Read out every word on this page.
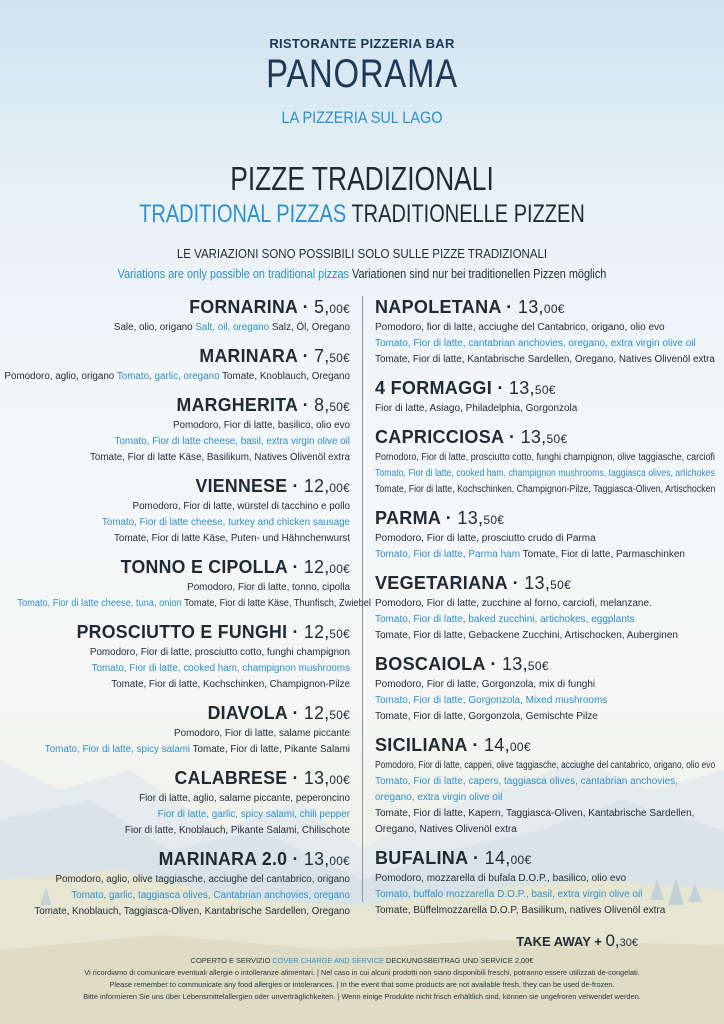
RISTORANTE PIZZERIA BAR
PANORAMA
LA PIZZERIA SUL LAGO
PIZZE TRADIZIONALI
TRADITIONAL PIZZAS TRADITIONELLE PIZZEN
LE VARIAZIONI SONO POSSIBILI SOLO SULLE PIZZE TRADIZIONALI
Variations are only possible on traditional pizzas Variationen sind nur bei traditionellen Pizzen möglich
FORNARINA · 5,00€
Sale, olio, origano Salt, oil, oregano Salz, Öl, Oregano
MARINARA · 7,50€
Pomodoro, aglio, origano Tomato, garlic, oregano Tomate, Knoblauch, Oregano
MARGHERITA · 8,50€
Pomodoro, Fior di latte, basilico, olio evo
Tomato, Fior di latte cheese, basil, extra virgin olive oil
Tomate, Fior di latte Käse, Basilikum, Natives Olivenöl extra
VIENNESE · 12,00€
Pomodoro, Fior di latte, würstel di tacchino e pollo
Tomato, Fior di latte cheese, turkey and chicken sausage
Tomate, Fior di latte Käse, Puten- und Hähnchenwurst
TONNO E CIPOLLA · 12,00€
Pomodoro, Fior di latte, tonno, cipolla
Tomato, Fior di latte cheese, tuna, onion Tomate, Fior di latte Käse, Thunfisch, Zwiebel
PROSCIUTTO E FUNGHI · 12,50€
Pomodoro, Fior di latte, prosciutto cotto, funghi champignon
Tomato, Fior di latte, cooked ham, champignon mushrooms
Tomate, Fior di latte, Kochschinken, Champignon-Pilze
DIAVOLA · 12,50€
Pomodoro, Fior di latte, salame piccante
Tomato, Fior di latte, spicy salami Tomate, Fior di latte, Pikante Salami
CALABRESE · 13,00€
Fior di latte, aglio, salame piccante, peperoncino
Fior di latte, garlic, spicy salami, chili pepper
Fior di latte, Knoblauch, Pikante Salami, Chilischote
MARINARA 2.0 · 13,00€
Pomodoro, aglio, olive taggiasche, acciughe del cantabrico, origano
Tomato, garlic, taggiasca olives, Cantabrian anchovies, oregano
Tomate, Knoblauch, Taggiasca-Oliven, Kantabrische Sardellen, Oregano
NAPOLETANA · 13,00€
Pomodoro, fior di latte, acciughe del Cantabrico, origano, olio evo
Tomato, Fior di latte, cantabrian anchovies, oregano, extra virgin olive oil
Tomate, Fior di latte, Kantabrische Sardellen, Oregano, Natives Olivenöl extra
4 FORMAGGI · 13,50€
Fior di latte, Asiago, Philadelphia, Gorgonzola
CAPRICCIOSA · 13,50€
Pomodoro, Fior di latte, prosciutto cotto, funghi champignon, olive taggiasche, carciofi
Tomato, Fior di latte, cooked ham, champignon mushrooms, taggiasca olives, artichokes
Tomate, Fior di latte, Kochschinken, Champignon-Pilze, Taggiasca-Oliven, Artischocken
PARMA · 13,50€
Pomodoro, Fior di latte, prosciutto crudo di Parma
Tomato, Fior di latte, Parma ham Tomate, Fior di latte, Parmaschinken
VEGETARIANA · 13,50€
Pomodoro, Fior di latte, zucchine al forno, carciofi, melanzane.
Tomato, Fior di latte, baked zucchini, artichokes, eggplants
Tomate, Fior di latte, Gebackene Zucchini, Artischocken, Auberginen
BOSCAIOLA · 13,50€
Pomodoro, Fior di latte, Gorgonzola, mix di funghi
Tomato, Fior di latte, Gorgonzola, Mixed mushrooms
Tomate, Fior di latte, Gorgonzola, Gemischte Pilze
SICILIANA · 14,00€
Pomodoro, Fior di latte, capperi, olive taggiasche, acciughe del cantabrico, origano, olio evo
Tomato, Fior di latte, capers, taggiasca olives, cantabrian anchovies,
oregano, extra virgin olive oil
Tomate, Fior di latte, Kapern, Taggiasca-Oliven, Kantabrische Sardellen,
Oregano, Natives Olivenöl extra
BUFALINA · 14,00€
Pomodoro, mozzarella di bufala D.O.P., basilico, olio evo
Tomato, buffalo mozzarella D.O.P., basil, extra virgin olive oil
Tomate, Büffelmozzarella D.O.P, Basilikum, natives Olivenöl extra
TAKE AWAY + 0,30€
COPERTO E SERVIZIO COVER CHARGE AND SERVICE DECKUNGSBEITRAG UND SERVICE 2,00€
Vi ricordiamo di comunicare eventuali allergie o intolleranze alimentari. | Nel caso in cui alcuni prodotti non siano disponibili freschi, potranno essere utilizzati de-congelati.
Please remember to communicate any food allergies or intolerances. | In the event that some products are not available fresh, they can be used de-frozen.
Bitte informieren Sie uns über Lebensmittelallergien oder unverträglichkeiten. | Wenn einige Produkte nicht frisch erhältlich sind, können sie ungefroren verwendet werden.
